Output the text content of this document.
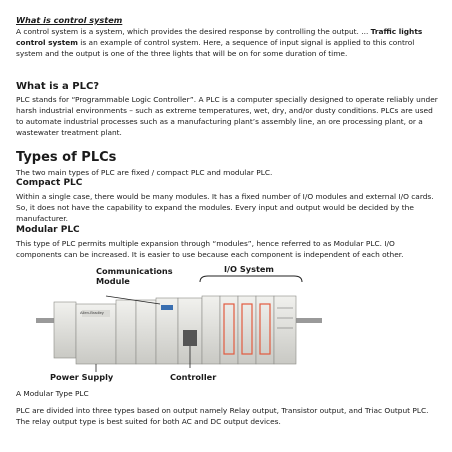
What is control system

A control system is a system, which provides the desired response by controlling the output. ... Traffic lights control system is an example of control system. Here, a sequence of input signal is applied to this control system and the output is one of the three lights that will be on for some duration of time.

What is a PLC?

PLC stands for “Programmable Logic Controller”. A PLC is a computer specially designed to operate reliably under harsh industrial environments – such as extreme temperatures, wet, dry, and/or dusty conditions. PLCs are used to automate industrial processes such as a manufacturing plant’s assembly line, an ore processing plant, or a wastewater treatment plant.

Types of PLCs

The two main types of PLC are fixed / compact PLC and modular PLC.

Compact PLC

Within a single case, there would be many modules. It has a fixed number of I/O modules and external I/O cards. So, it does not have the capability to expand the modules. Every input and output would be decided by the manufacturer.

Modular PLC

This type of PLC permits multiple expansion through “modules”, hence referred to as Modular PLC. I/O components can be increased. It is easier to use because each component is independent of each other.

Allen-Bradley
Communications Module
I/O System
Power Supply	Controller
A Modular Type PLC

PLC are divided into three types based on output namely Relay output, Transistor output, and Triac Output PLC. The relay output type is best suited for both AC and DC output devices.
